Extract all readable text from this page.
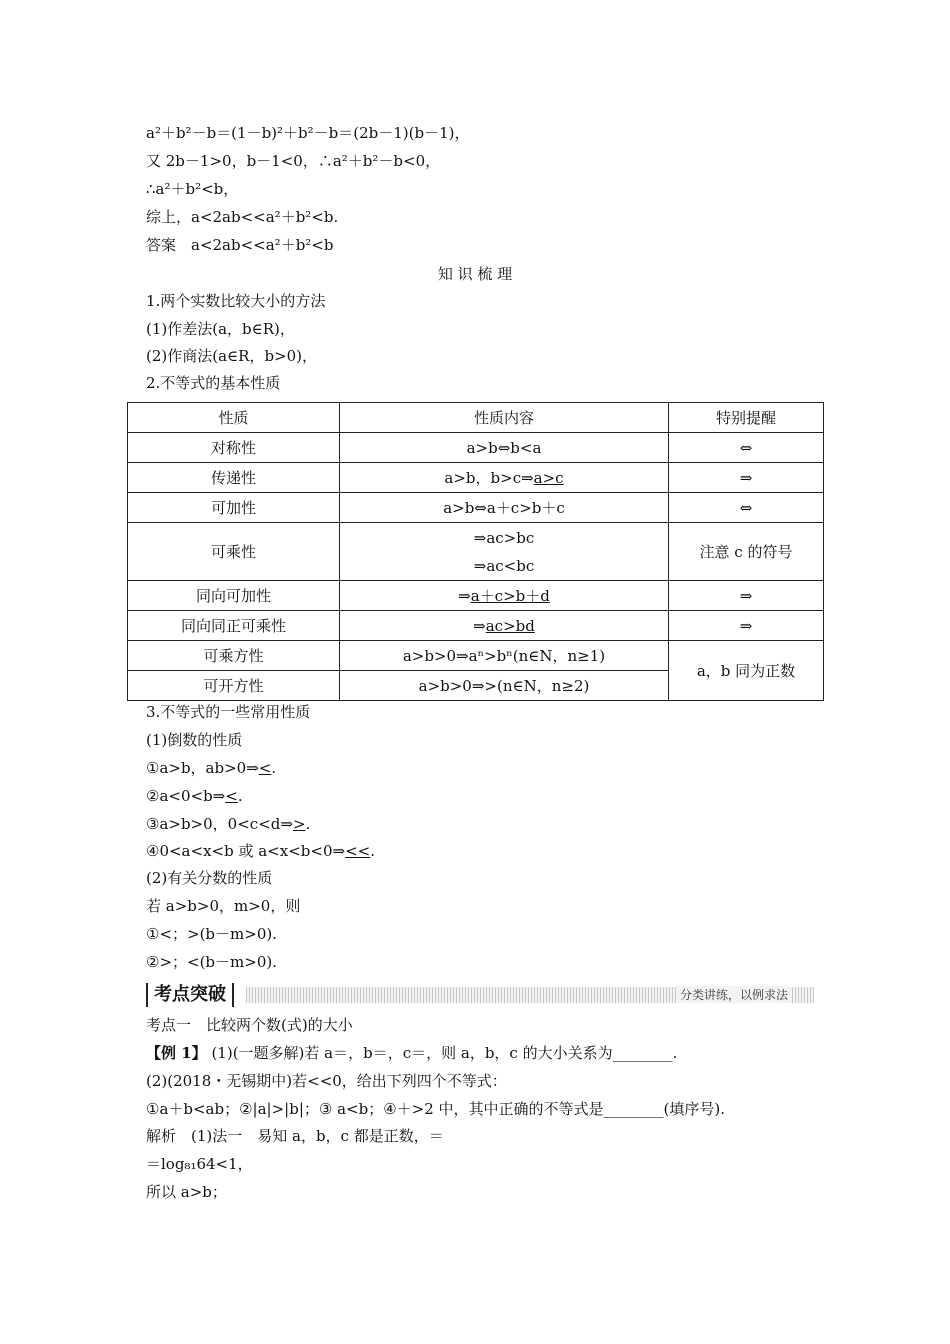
a²＋b²－b＝(1－b)²＋b²－b＝(2b－1)(b－1)，
又 2b－1>0，b－1<0，∴a²＋b²－b<0，
∴a²＋b²<b，
综上，a<2ab<<a²＋b²<b.
答案　a<2ab<<a²＋b²<b
知 识 梳 理
1.两个实数比较大小的方法
(1)作差法(a，b∈R)，
(2)作商法(a∈R，b>0)，
2.不等式的基本性质
性质	性质内容	特别提醒
对称性	a>b⇔b<a	⇔
传递性	a>b，b>c⇒a>c	⇒
可加性	a>b⇔a＋c>b＋c	⇔
可乘性	⇒ac>bc
⇒ac<bc	注意 c 的符号
同向可加性	⇒a＋c>b＋d	⇒
同向同正可乘性	⇒ac>bd	⇒
可乘方性	a>b>0⇒aⁿ>bⁿ(n∈N，n≥1)	a，b 同为正数
可开方性	a>b>0⇒>(n∈N，n≥2)	
3.不等式的一些常用性质
(1)倒数的性质
①a>b，ab>0⇒<.
②a<0<b⇒<.
③a>b>0，0<c<d⇒>.
④0<a<x<b 或 a<x<b<0⇒<<.
(2)有关分数的性质
若 a>b>0，m>0，则
①<；>(b－m>0).
②>；<(b－m>0).
考点突破	分类讲练，以例求法
考点一　比较两个数(式)的大小
【例 1】 (1)(一题多解)若 a＝，b＝，c＝，则 a，b，c 的大小关系为________.
(2)(2018・无锡期中)若<<0，给出下列四个不等式：
①a＋b<ab；②|a|>|b|；③ a<b；④＋>2 中，其中正确的不等式是________(填序号).
解析　(1)法一　易知 a，b，c 都是正数，＝
＝log₈₁64<1，
所以 a>b；
